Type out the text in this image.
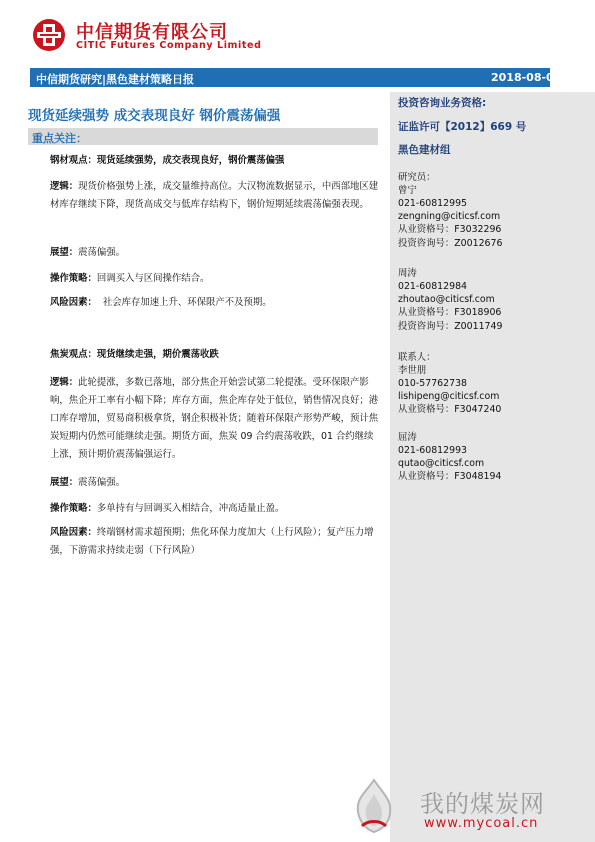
中信期货有限公司
CITIC Futures Company Limited
中信期货研究|黑色建材策略日报	2018-08-08
现货延续强势 成交表现良好 钢价震荡偏强
重点关注：
钢材观点：现货延续强势，成交表现良好，钢价震荡偏强
逻辑：现货价格强势上涨，成交量维持高位。大汉物流数据显示，中西部地区建材库存继续下降，现货高成交与低库存结构下，钢价短期延续震荡偏强表现。
展望：震荡偏强。
操作策略：回调买入与区间操作结合。
风险因素： 社会库存加速上升、环保限产不及预期。
焦炭观点：现货继续走强，期价震荡收跌
逻辑：此轮提涨，多数已落地，部分焦企开始尝试第二轮提涨。受环保限产影响，焦企开工率有小幅下降；库存方面，焦企库存处于低位，销售情况良好；港口库存增加，贸易商积极拿货，钢企积极补货；随着环保限产形势严峻，预计焦炭短期内仍然可能继续走强。期货方面，焦炭 09 合约震荡收跌，01 合约继续上涨，预计期价震荡偏强运行。
展望：震荡偏强。
操作策略：多单持有与回调买入相结合，冲高适量止盈。
风险因素：终端钢材需求超预期；焦化环保力度加大（上行风险）；复产压力增强，下游需求持续走弱（下行风险）
投资咨询业务资格:
证监许可【2012】669 号
黑色建材组
研究员：
曾宁
021-60812995
zengning@citicsf.com
从业资格号：F3032296
投资咨询号：Z0012676
周涛
021-60812984
zhoutao@citicsf.com
从业资格号：F3018906
投资咨询号：Z0011749
联系人：
李世朋
010-57762738
lishipeng@citicsf.com
从业资格号：F3047240
屈涛
021-60812993
qutao@citicsf.com
从业资格号：F3048194
我的煤炭网
www.mycoal.cn
